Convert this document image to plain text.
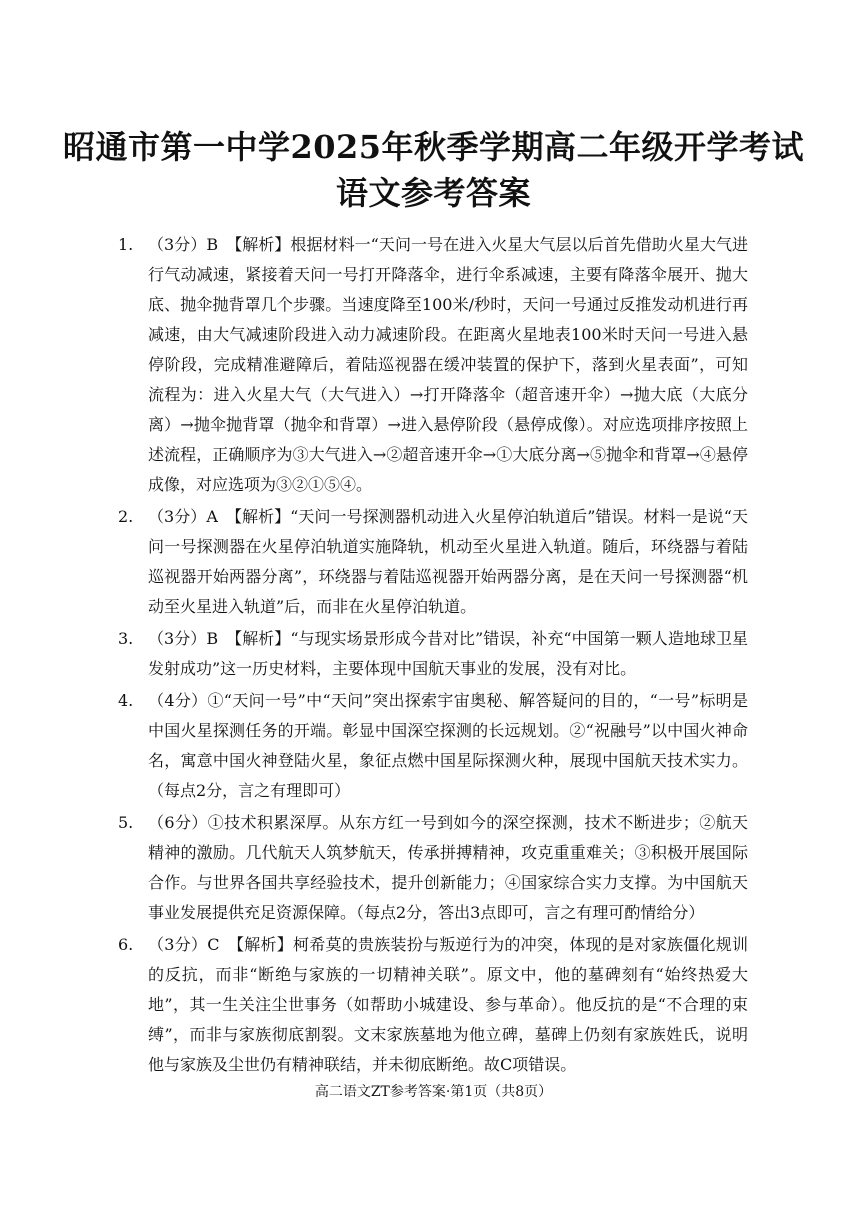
昭通市第一中学2025年秋季学期高二年级开学考试
语文参考答案
1. （3分）B　【解析】根据材料一“天问一号在进入火星大气层以后首先借助火星大气进行气动减速，紧接着天问一号打开降落伞，进行伞系减速，主要有降落伞展开、抛大底、抛伞抛背罩几个步骤。当速度降至100米/秒时，天问一号通过反推发动机进行再减速，由大气减速阶段进入动力减速阶段。在距离火星地表100米时天问一号进入悬停阶段，完成精准避障后，着陆巡视器在缓冲装置的保护下，落到火星表面”，可知流程为：进入火星大气（大气进入）→打开降落伞（超音速开伞）→抛大底（大底分离）→抛伞抛背罩（抛伞和背罩）→进入悬停阶段（悬停成像）。对应选项排序按照上述流程，正确顺序为③大气进入→②超音速开伞→①大底分离→⑤抛伞和背罩→④悬停成像，对应选项为③②①⑤④。
2. （3分）A　【解析】“天问一号探测器机动进入火星停泊轨道后”错误。材料一是说“天问一号探测器在火星停泊轨道实施降轨，机动至火星进入轨道。随后，环绕器与着陆巡视器开始两器分离”，环绕器与着陆巡视器开始两器分离，是在天问一号探测器“机动至火星进入轨道”后，而非在火星停泊轨道。
3. （3分）B　【解析】“与现实场景形成今昔对比”错误，补充“中国第一颗人造地球卫星发射成功”这一历史材料，主要体现中国航天事业的发展，没有对比。
4. （4分）①“天问一号”中“天问”突出探索宇宙奥秘、解答疑问的目的，“一号”标明是中国火星探测任务的开端。彰显中国深空探测的长远规划。②“祝融号”以中国火神命名，寓意中国火神登陆火星，象征点燃中国星际探测火种，展现中国航天技术实力。（每点2分，言之有理即可）
5. （6分）①技术积累深厚。从东方红一号到如今的深空探测，技术不断进步；②航天精神的激励。几代航天人筑梦航天，传承拼搏精神，攻克重重难关；③积极开展国际合作。与世界各国共享经验技术，提升创新能力；④国家综合实力支撑。为中国航天事业发展提供充足资源保障。（每点2分，答出3点即可，言之有理可酌情给分）
6. （3分）C　【解析】柯希莫的贵族装扮与叛逆行为的冲突，体现的是对家族僵化规训的反抗，而非“断绝与家族的一切精神关联”。原文中，他的墓碑刻有“始终热爱大地”，其一生关注尘世事务（如帮助小城建设、参与革命）。他反抗的是“不合理的束缚”，而非与家族彻底割裂。文末家族墓地为他立碑，墓碑上仍刻有家族姓氏，说明他与家族及尘世仍有精神联结，并未彻底断绝。故C项错误。
高二语文ZT参考答案·第1页（共8页）
